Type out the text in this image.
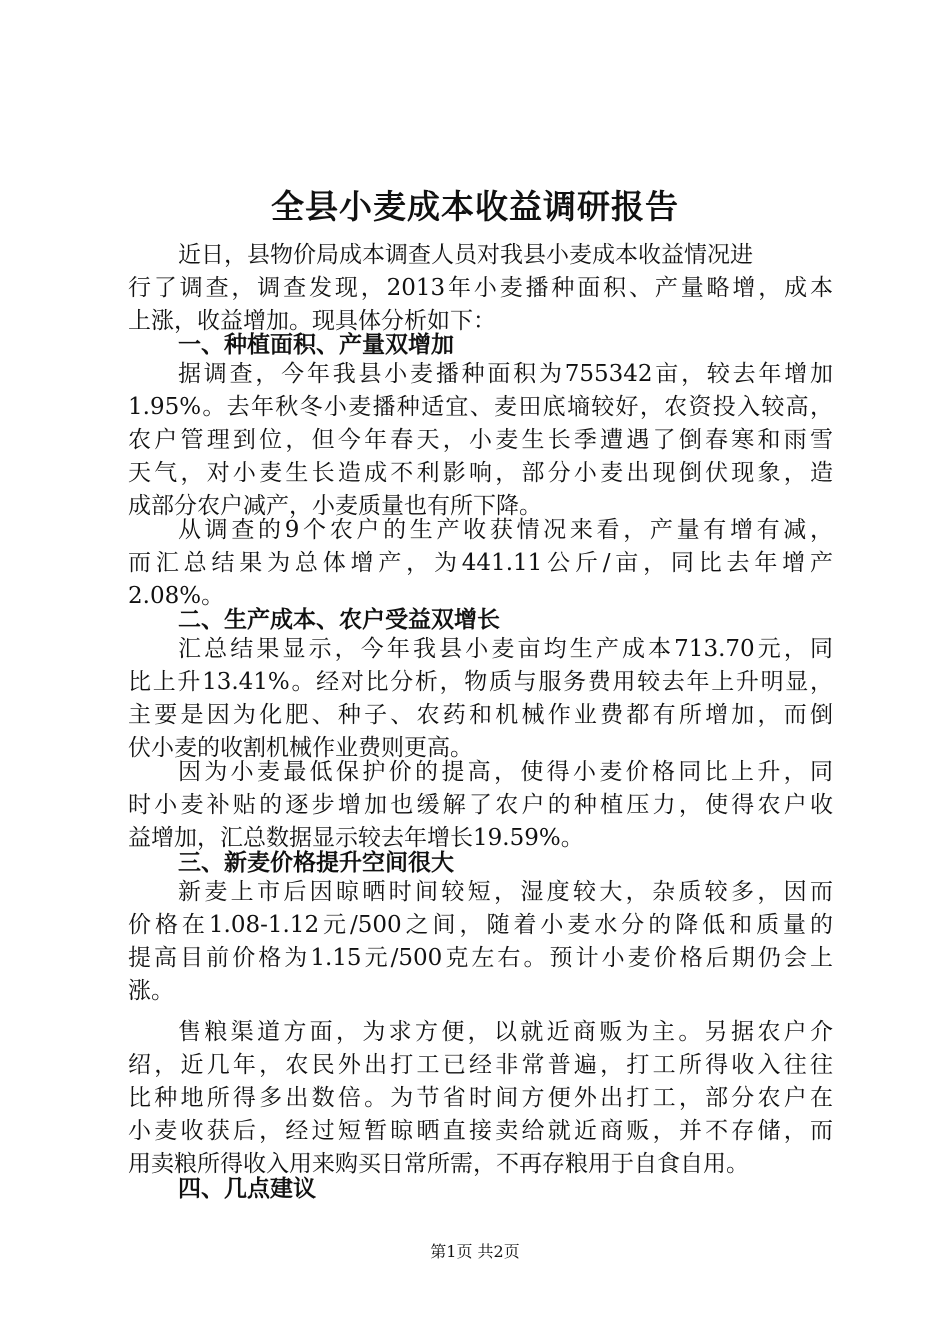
全县小麦成本收益调研报告
近日，县物价局成本调查人员对我县小麦成本收益情况进
行了调查，调查发现，2013年小麦播种面积、产量略增，成本
上涨，收益增加。现具体分析如下：
一、种植面积、产量双增加
据调查，今年我县小麦播种面积为755342亩，较去年增加
1.95%。去年秋冬小麦播种适宜、麦田底墒较好，农资投入较高，
农户管理到位，但今年春天，小麦生长季遭遇了倒春寒和雨雪
天气，对小麦生长造成不利影响，部分小麦出现倒伏现象，造
成部分农户减产，小麦质量也有所下降。
从调查的9个农户的生产收获情况来看，产量有增有减，
而汇总结果为总体增产，为441.11公斤/亩，同比去年增产
2.08%。
二、生产成本、农户受益双增长
汇总结果显示，今年我县小麦亩均生产成本713.70元，同
比上升13.41%。经对比分析，物质与服务费用较去年上升明显，
主要是因为化肥、种子、农药和机械作业费都有所增加，而倒
伏小麦的收割机械作业费则更高。
因为小麦最低保护价的提高，使得小麦价格同比上升，同
时小麦补贴的逐步增加也缓解了农户的种植压力，使得农户收
益增加，汇总数据显示较去年增长19.59%。
三、新麦价格提升空间很大
新麦上市后因晾晒时间较短，湿度较大，杂质较多，因而
价格在1.08-1.12元/500之间，随着小麦水分的降低和质量的
提高目前价格为1.15元/500克左右。预计小麦价格后期仍会上
涨。
售粮渠道方面，为求方便，以就近商贩为主。另据农户介
绍，近几年，农民外出打工已经非常普遍，打工所得收入往往
比种地所得多出数倍。为节省时间方便外出打工，部分农户在
小麦收获后，经过短暂晾晒直接卖给就近商贩，并不存储，而
用卖粮所得收入用来购买日常所需，不再存粮用于自食自用。
四、几点建议
第1页 共2页
